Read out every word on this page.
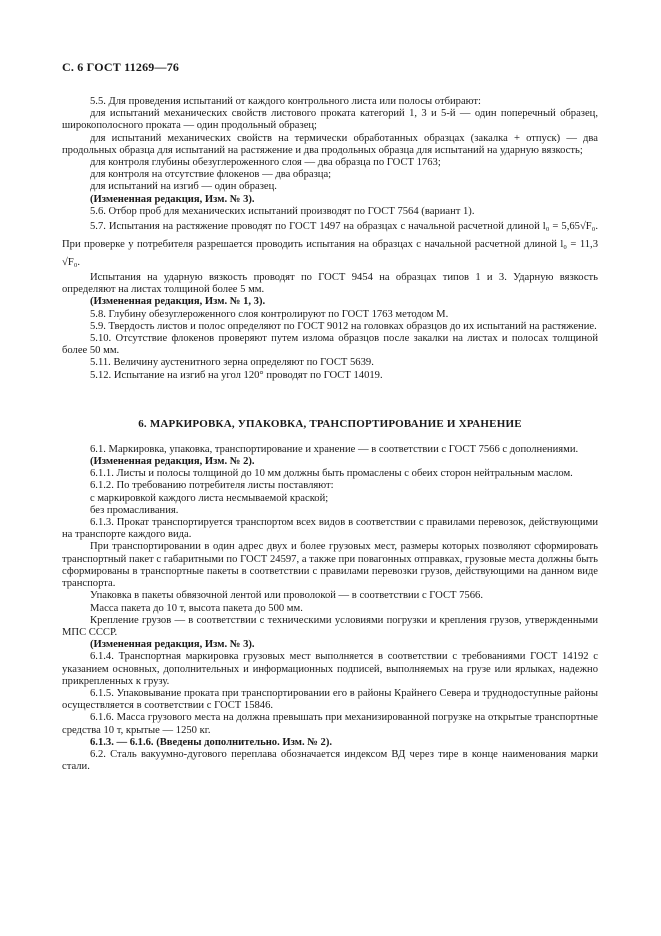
С. 6 ГОСТ 11269—76

5.5. Для проведения испытаний от каждого контрольного листа или полосы отбирают:

для испытаний механических свойств листового проката категорий 1, 3 и 5-й — один поперечный образец, широкополосного проката — один продольный образец;

для испытаний механических свойств на термически обработанных образцах (закалка + отпуск) — два продольных образца для испытаний на растяжение и два продольных образца для испытаний на ударную вязкость;

для контроля глубины обезуглероженного слоя — два образца по ГОСТ 1763;

для контроля на отсутствие флокенов — два образца;

для испытаний на изгиб — один образец.

(Измененная редакция, Изм. № 3).

5.6. Отбор проб для механических испытаний производят по ГОСТ 7564 (вариант 1).

5.7. Испытания на растяжение проводят по ГОСТ 1497 на образцах с начальной расчетной длиной l₀ = 5,65√F₀. При проверке у потребителя разрешается проводить испытания на образцах с начальной расчетной длиной l₀ = 11,3 √F₀.

Испытания на ударную вязкость проводят по ГОСТ 9454 на образцах типов 1 и 3. Ударную вязкость определяют на листах толщиной более 5 мм.

(Измененная редакция, Изм. № 1, 3).

5.8. Глубину обезуглероженного слоя контролируют по ГОСТ 1763 методом М.

5.9. Твердость листов и полос определяют по ГОСТ 9012 на головках образцов до их испытаний на растяжение.

5.10. Отсутствие флокенов проверяют путем излома образцов после закалки на листах и полосах толщиной более 50 мм.

5.11. Величину аустенитного зерна определяют по ГОСТ 5639.

5.12. Испытание на изгиб на угол 120° проводят по ГОСТ 14019.

6. МАРКИРОВКА, УПАКОВКА, ТРАНСПОРТИРОВАНИЕ И ХРАНЕНИЕ

6.1. Маркировка, упаковка, транспортирование и хранение — в соответствии с ГОСТ 7566 с дополнениями.

(Измененная редакция, Изм. № 2).

6.1.1. Листы и полосы толщиной до 10 мм должны быть промаслены с обеих сторон нейтральным маслом.

6.1.2. По требованию потребителя листы поставляют:

с маркировкой каждого листа несмываемой краской;

без промасливания.

6.1.3. Прокат транспортируется транспортом всех видов в соответствии с правилами перевозок, действующими на транспорте каждого вида.

При транспортировании в один адрес двух и более грузовых мест, размеры которых позволяют сформировать транспортный пакет с габаритными по ГОСТ 24597, а также при повагонных отправках, грузовые места должны быть сформированы в транспортные пакеты в соответствии с правилами перевозки грузов, действующими на данном виде транспорта.

Упаковка в пакеты обвязочной лентой или проволокой — в соответствии с ГОСТ 7566.

Масса пакета до 10 т, высота пакета до 500 мм.

Крепление грузов — в соответствии с техническими условиями погрузки и крепления грузов, утвержденными МПС СССР.

(Измененная редакция, Изм. № 3).

6.1.4. Транспортная маркировка грузовых мест выполняется в соответствии с требованиями ГОСТ 14192 с указанием основных, дополнительных и информационных подписей, выполняемых на грузе или ярлыках, надежно прикрепленных к грузу.

6.1.5. Упаковывание проката при транспортировании его в районы Крайнего Севера и труднодоступные районы осуществляется в соответствии с ГОСТ 15846.

6.1.6. Масса грузового места на должна превышать при механизированной погрузке на открытые транспортные средства 10 т, крытые — 1250 кг.

6.1.3. — 6.1.6. (Введены дополнительно. Изм. № 2).

6.2. Сталь вакуумно-дугового переплава обозначается индексом ВД через тире в конце наименования марки стали.
